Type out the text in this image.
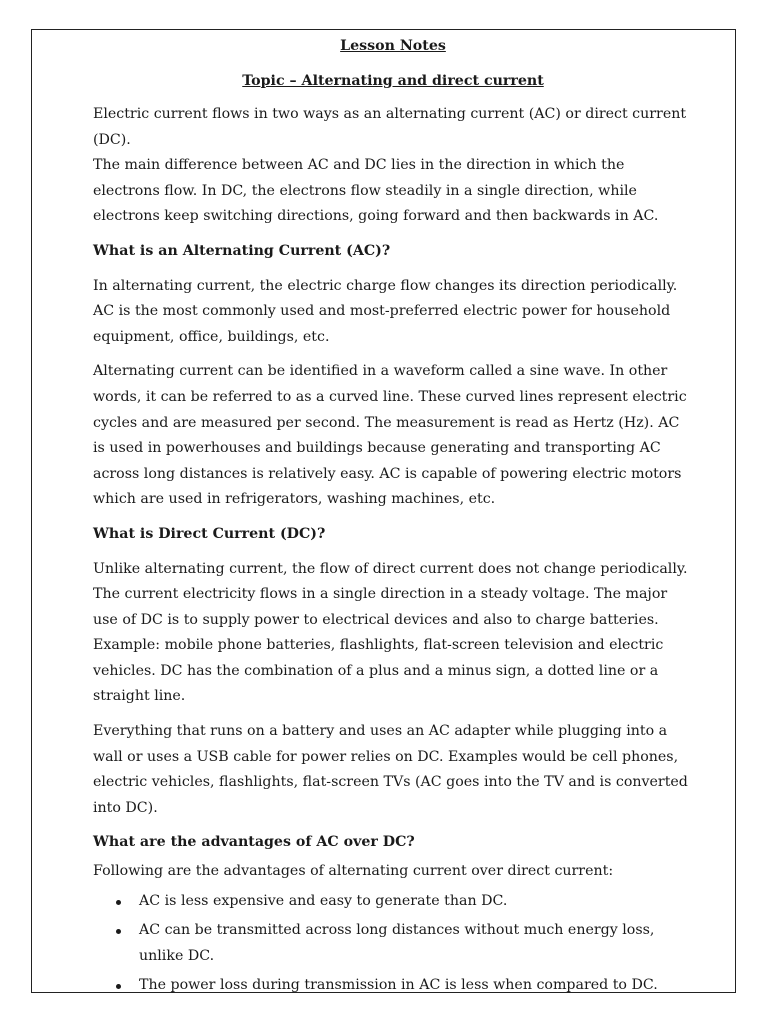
Lesson Notes
Topic – Alternating and direct current

Electric current flows in two ways as an alternating current (AC) or direct current (DC).

The main difference between AC and DC lies in the direction in which the electrons flow. In DC, the electrons flow steadily in a single direction, while electrons keep switching directions, going forward and then backwards in AC.

What is an Alternating Current (AC)?

In alternating current, the electric charge flow changes its direction periodically. AC is the most commonly used and most-preferred electric power for household equipment, office, buildings, etc.

Alternating current can be identified in a waveform called a sine wave. In other words, it can be referred to as a curved line. These curved lines represent electric cycles and are measured per second. The measurement is read as Hertz (Hz). AC is used in powerhouses and buildings because generating and transporting AC across long distances is relatively easy. AC is capable of powering electric motors which are used in refrigerators, washing machines, etc.

What is Direct Current (DC)?

Unlike alternating current, the flow of direct current does not change periodically.

The current electricity flows in a single direction in a steady voltage. The major use of DC is to supply power to electrical devices and also to charge batteries. Example: mobile phone batteries, flashlights, flat-screen television and electric vehicles. DC has the combination of a plus and a minus sign, a dotted line or a straight line.

Everything that runs on a battery and uses an AC adapter while plugging into a wall or uses a USB cable for power relies on DC. Examples would be cell phones, electric vehicles, flashlights, flat-screen TVs (AC goes into the TV and is converted into DC).

What are the advantages of AC over DC?

Following are the advantages of alternating current over direct current:

AC is less expensive and easy to generate than DC.
AC can be transmitted across long distances without much energy loss, unlike DC.
The power loss during transmission in AC is less when compared to DC.
